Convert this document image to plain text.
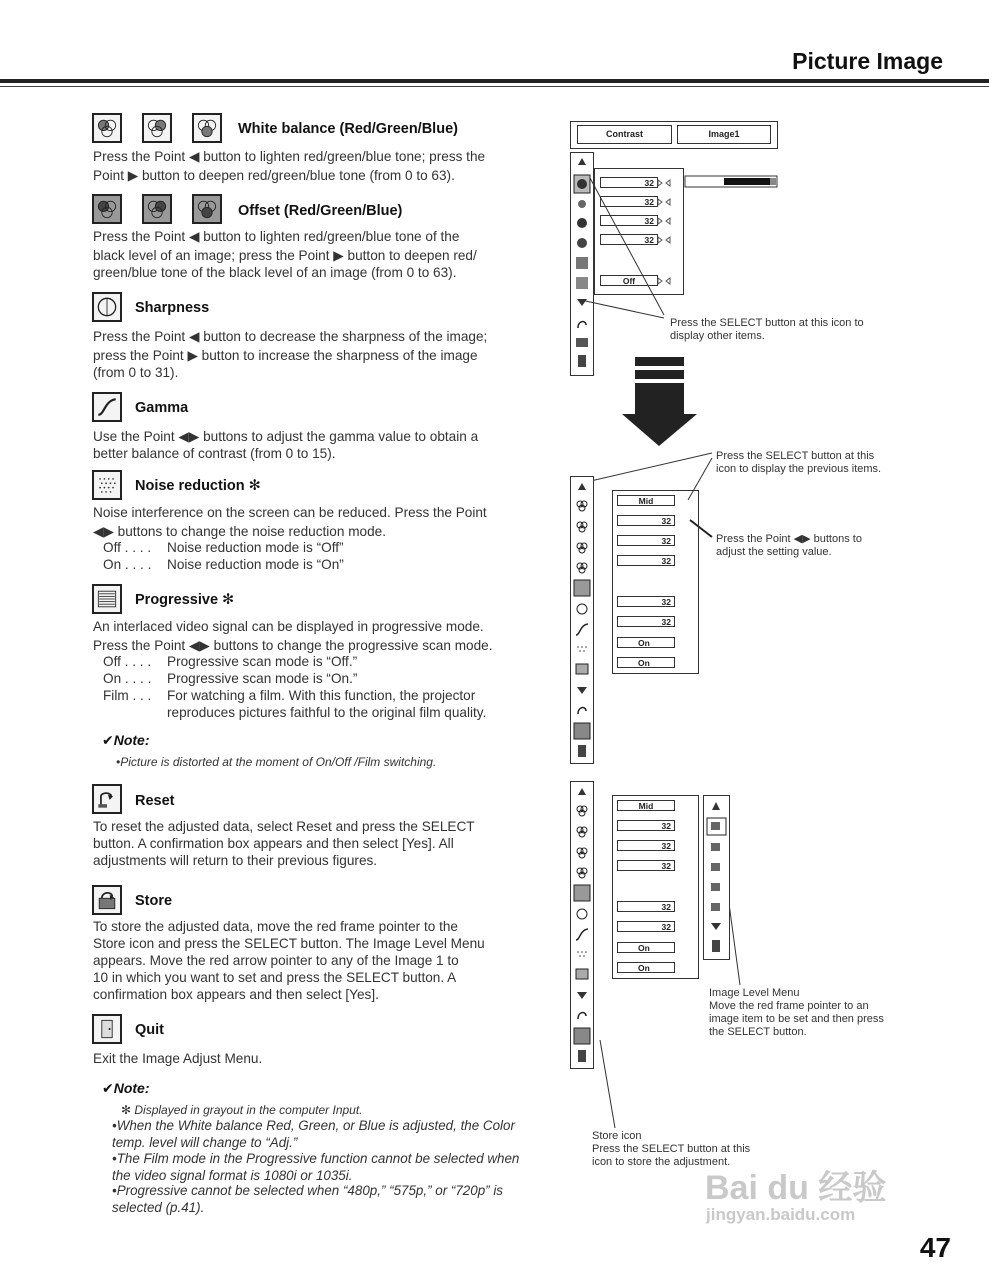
Picture Image
White balance (Red/Green/Blue)
Press the Point ◀ button to lighten red/green/blue tone; press the
Point ▶ button to deepen red/green/blue tone (from 0 to 63).
Offset (Red/Green/Blue)
Press the Point ◀ button to lighten red/green/blue tone of the
black level of an image; press the Point ▶ button to deepen red/
green/blue tone of the black level of an image (from 0 to 63).
Sharpness
Press the Point ◀ button to decrease the sharpness of the image;
press the Point ▶ button to increase the sharpness of the image
(from 0 to 31).
Gamma
Use the Point ◀▶ buttons to adjust the gamma value to obtain a
better balance of contrast (from 0 to 15).
Noise reduction ✻
Noise interference on the screen can be reduced. Press the Point
◀▶ buttons to change the noise reduction mode.
Off . . . . Noise reduction mode is “Off”
On . . . . Noise reduction mode is “On”
Progressive ✻
An interlaced video signal can be displayed in progressive mode.
Press the Point ◀▶ buttons to change the progressive scan mode.
Off . . . . Progressive scan mode is “Off.”
On . . . . Progressive scan mode is “On.”
Film . . . For watching a film. With this function, the projector
reproduces pictures faithful to the original film quality.
✔Note:
•Picture is distorted at the moment of On/Off /Film switching.
Reset
To reset the adjusted data, select Reset and press the SELECT
button. A confirmation box appears and then select [Yes]. All
adjustments will return to their previous figures.
Store
To store the adjusted data, move the red frame pointer to the
Store icon and press the SELECT button. The Image Level Menu
appears. Move the red arrow pointer to any of the Image 1 to
10 in which you want to set and press the SELECT button. A
confirmation box appears and then select [Yes].
Quit
Exit the Image Adjust Menu.
✔Note:
✻ Displayed in grayout in the computer Input.
•When the White balance Red, Green, or Blue is adjusted, the Color temp. level will change to “Adj.”
•The Film mode in the Progressive function cannot be selected when the video signal format is 1080i or 1035i.
•Progressive cannot be selected when “480p,” “575p,” or “720p” is selected (p.41).
Contrast	Image1
32
32
32
32
Off
Press the SELECT button at this icon to
display other items.
Mid
32
32
32
32
32
On
On
Press the SELECT button at this
icon to display the previous items.
Press the Point ◀▶ buttons to
adjust the setting value.
Mid
32
32
32
32
32
On
On
Image Level Menu
Move the red frame pointer to an
image item to be set and then press
the SELECT button.
Store icon
Press the SELECT button at this
icon to store the adjustment.
Bai du 经验
jingyan.baidu.com
47
